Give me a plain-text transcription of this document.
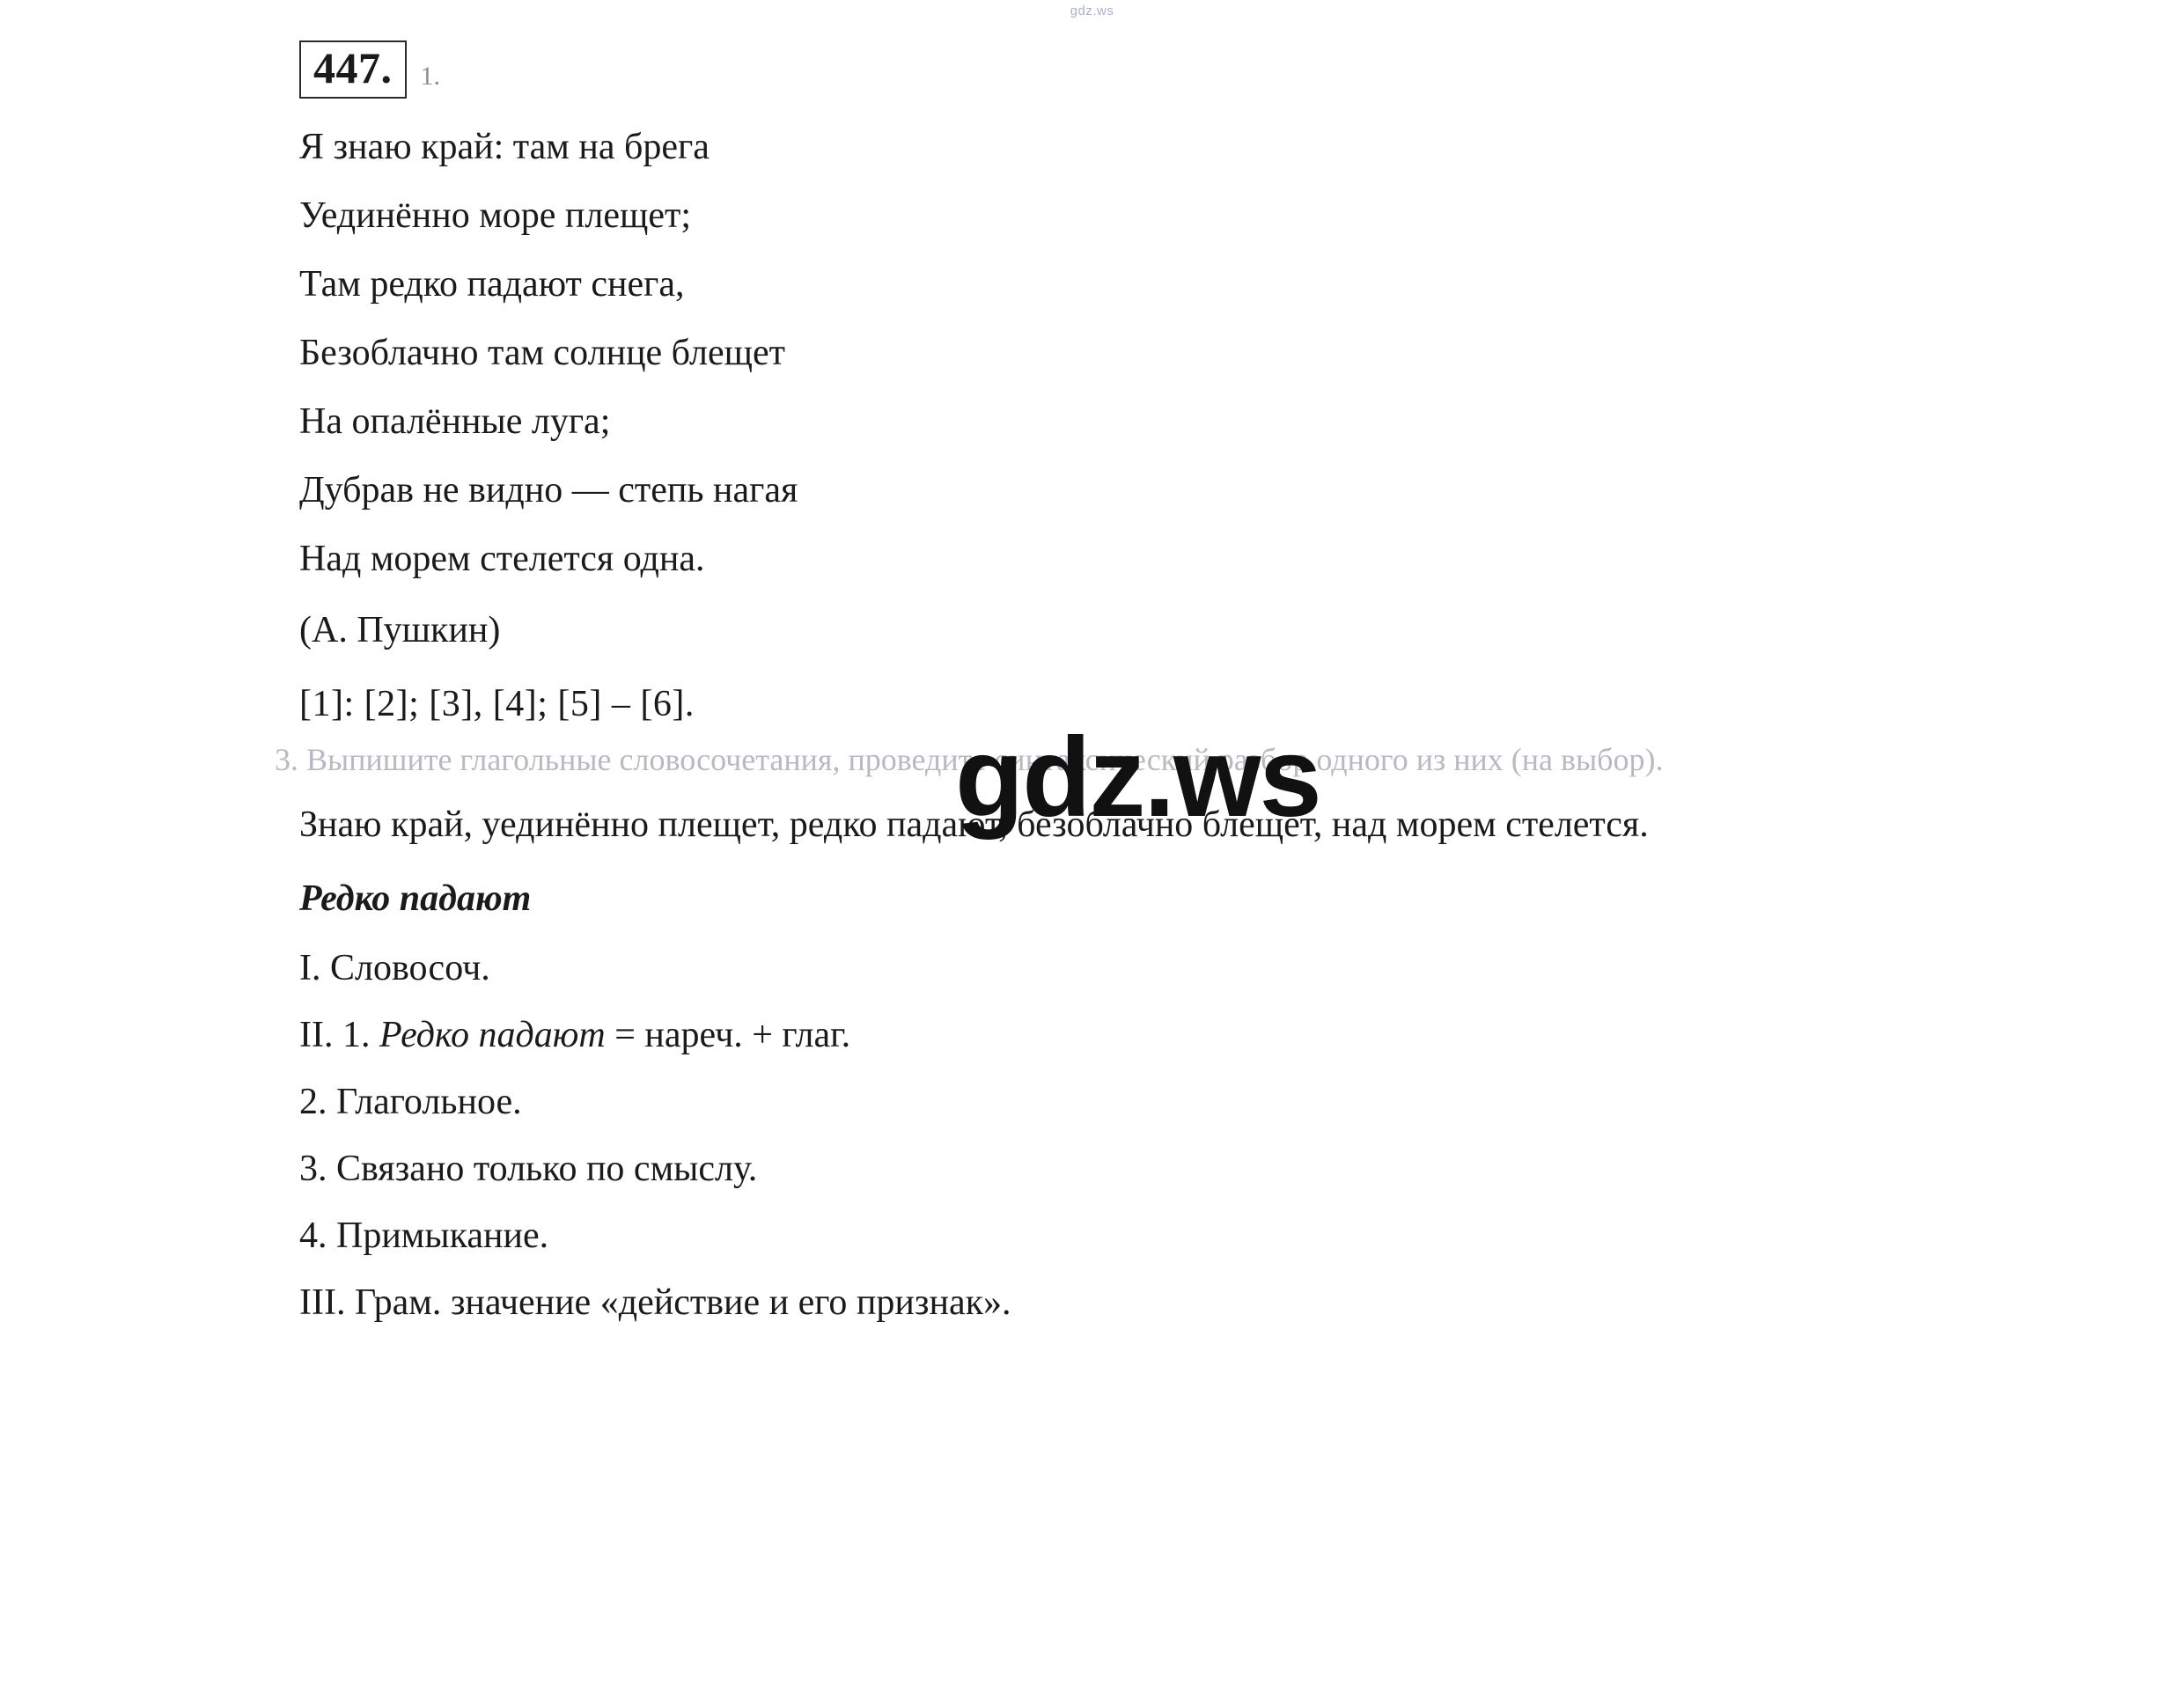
gdz.ws
447.	1.

Я знаю край: там на брега

Уединённо море плещет;

Там редко падают снега,

Безоблачно там солнце блещет

На опалённые луга;

Дубрав не видно — степь нагая

Над морем стелется одна.

(А. Пушкин)

[1]: [2]; [3], [4]; [5] – [6].

3. Выпишите глагольные словосочетания, проведите синтаксический разбор одного из них (на выбор).

Знаю край, уединённо плещет, редко падают, безоблачно блещет, над морем стелется.

Редко падают

I. Словосоч.

II. 1. Редко падают = нареч. + глаг.

2. Глагольное.

3. Связано только по смыслу.

4. Примыкание.

III. Грам. значение «действие и его признак».

gdz.ws
